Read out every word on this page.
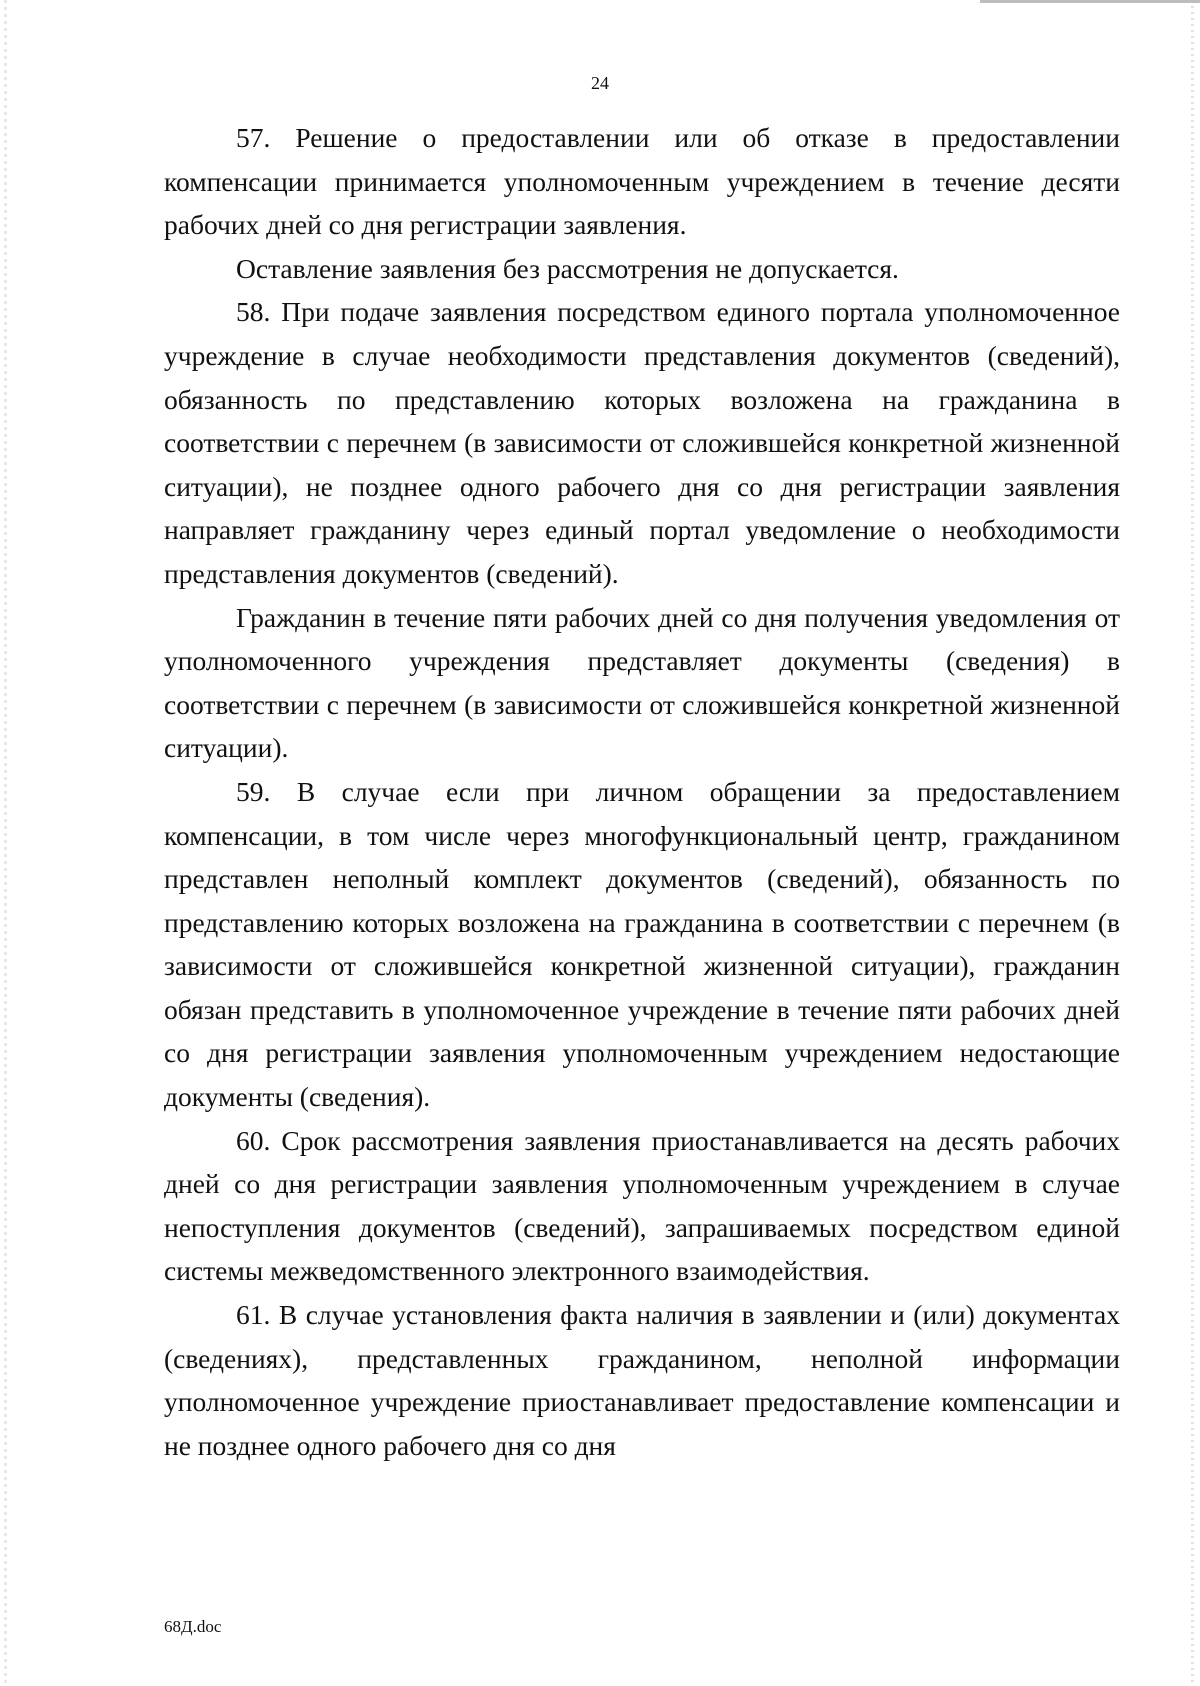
24

57. Решение о предоставлении или об отказе в предоставлении компенсации принимается уполномоченным учреждением в течение десяти рабочих дней со дня регистрации заявления.

Оставление заявления без рассмотрения не допускается.

58. При подаче заявления посредством единого портала уполномоченное учреждение в случае необходимости представления документов (сведений), обязанность по представлению которых возложена на гражданина в соответствии с перечнем (в зависимости от сложившейся конкретной жизненной ситуации), не позднее одного рабочего дня со дня регистрации заявления направляет гражданину через единый портал уведомление о необходимости представления документов (сведений).

Гражданин в течение пяти рабочих дней со дня получения уведомления от уполномоченного учреждения представляет документы (сведения) в соответствии с перечнем (в зависимости от сложившейся конкретной жизненной ситуации).

59. В случае если при личном обращении за предоставлением компенсации, в том числе через многофункциональный центр, гражданином представлен неполный комплект документов (сведений), обязанность по представлению которых возложена на гражданина в соответствии с перечнем (в зависимости от сложившейся конкретной жизненной ситуации), гражданин обязан представить в уполномоченное учреждение в течение пяти рабочих дней со дня регистрации заявления уполномоченным учреждением недостающие документы (сведения).

60. Срок рассмотрения заявления приостанавливается на десять рабочих дней со дня регистрации заявления уполномоченным учреждением в случае непоступления документов (сведений), запрашиваемых посредством единой системы межведомственного электронного взаимодействия.

61. В случае установления факта наличия в заявлении и (или) документах (сведениях), представленных гражданином, неполной информации уполномоченное учреждение приостанавливает предоставление компенсации и не позднее одного рабочего дня со дня

68Д.doc
